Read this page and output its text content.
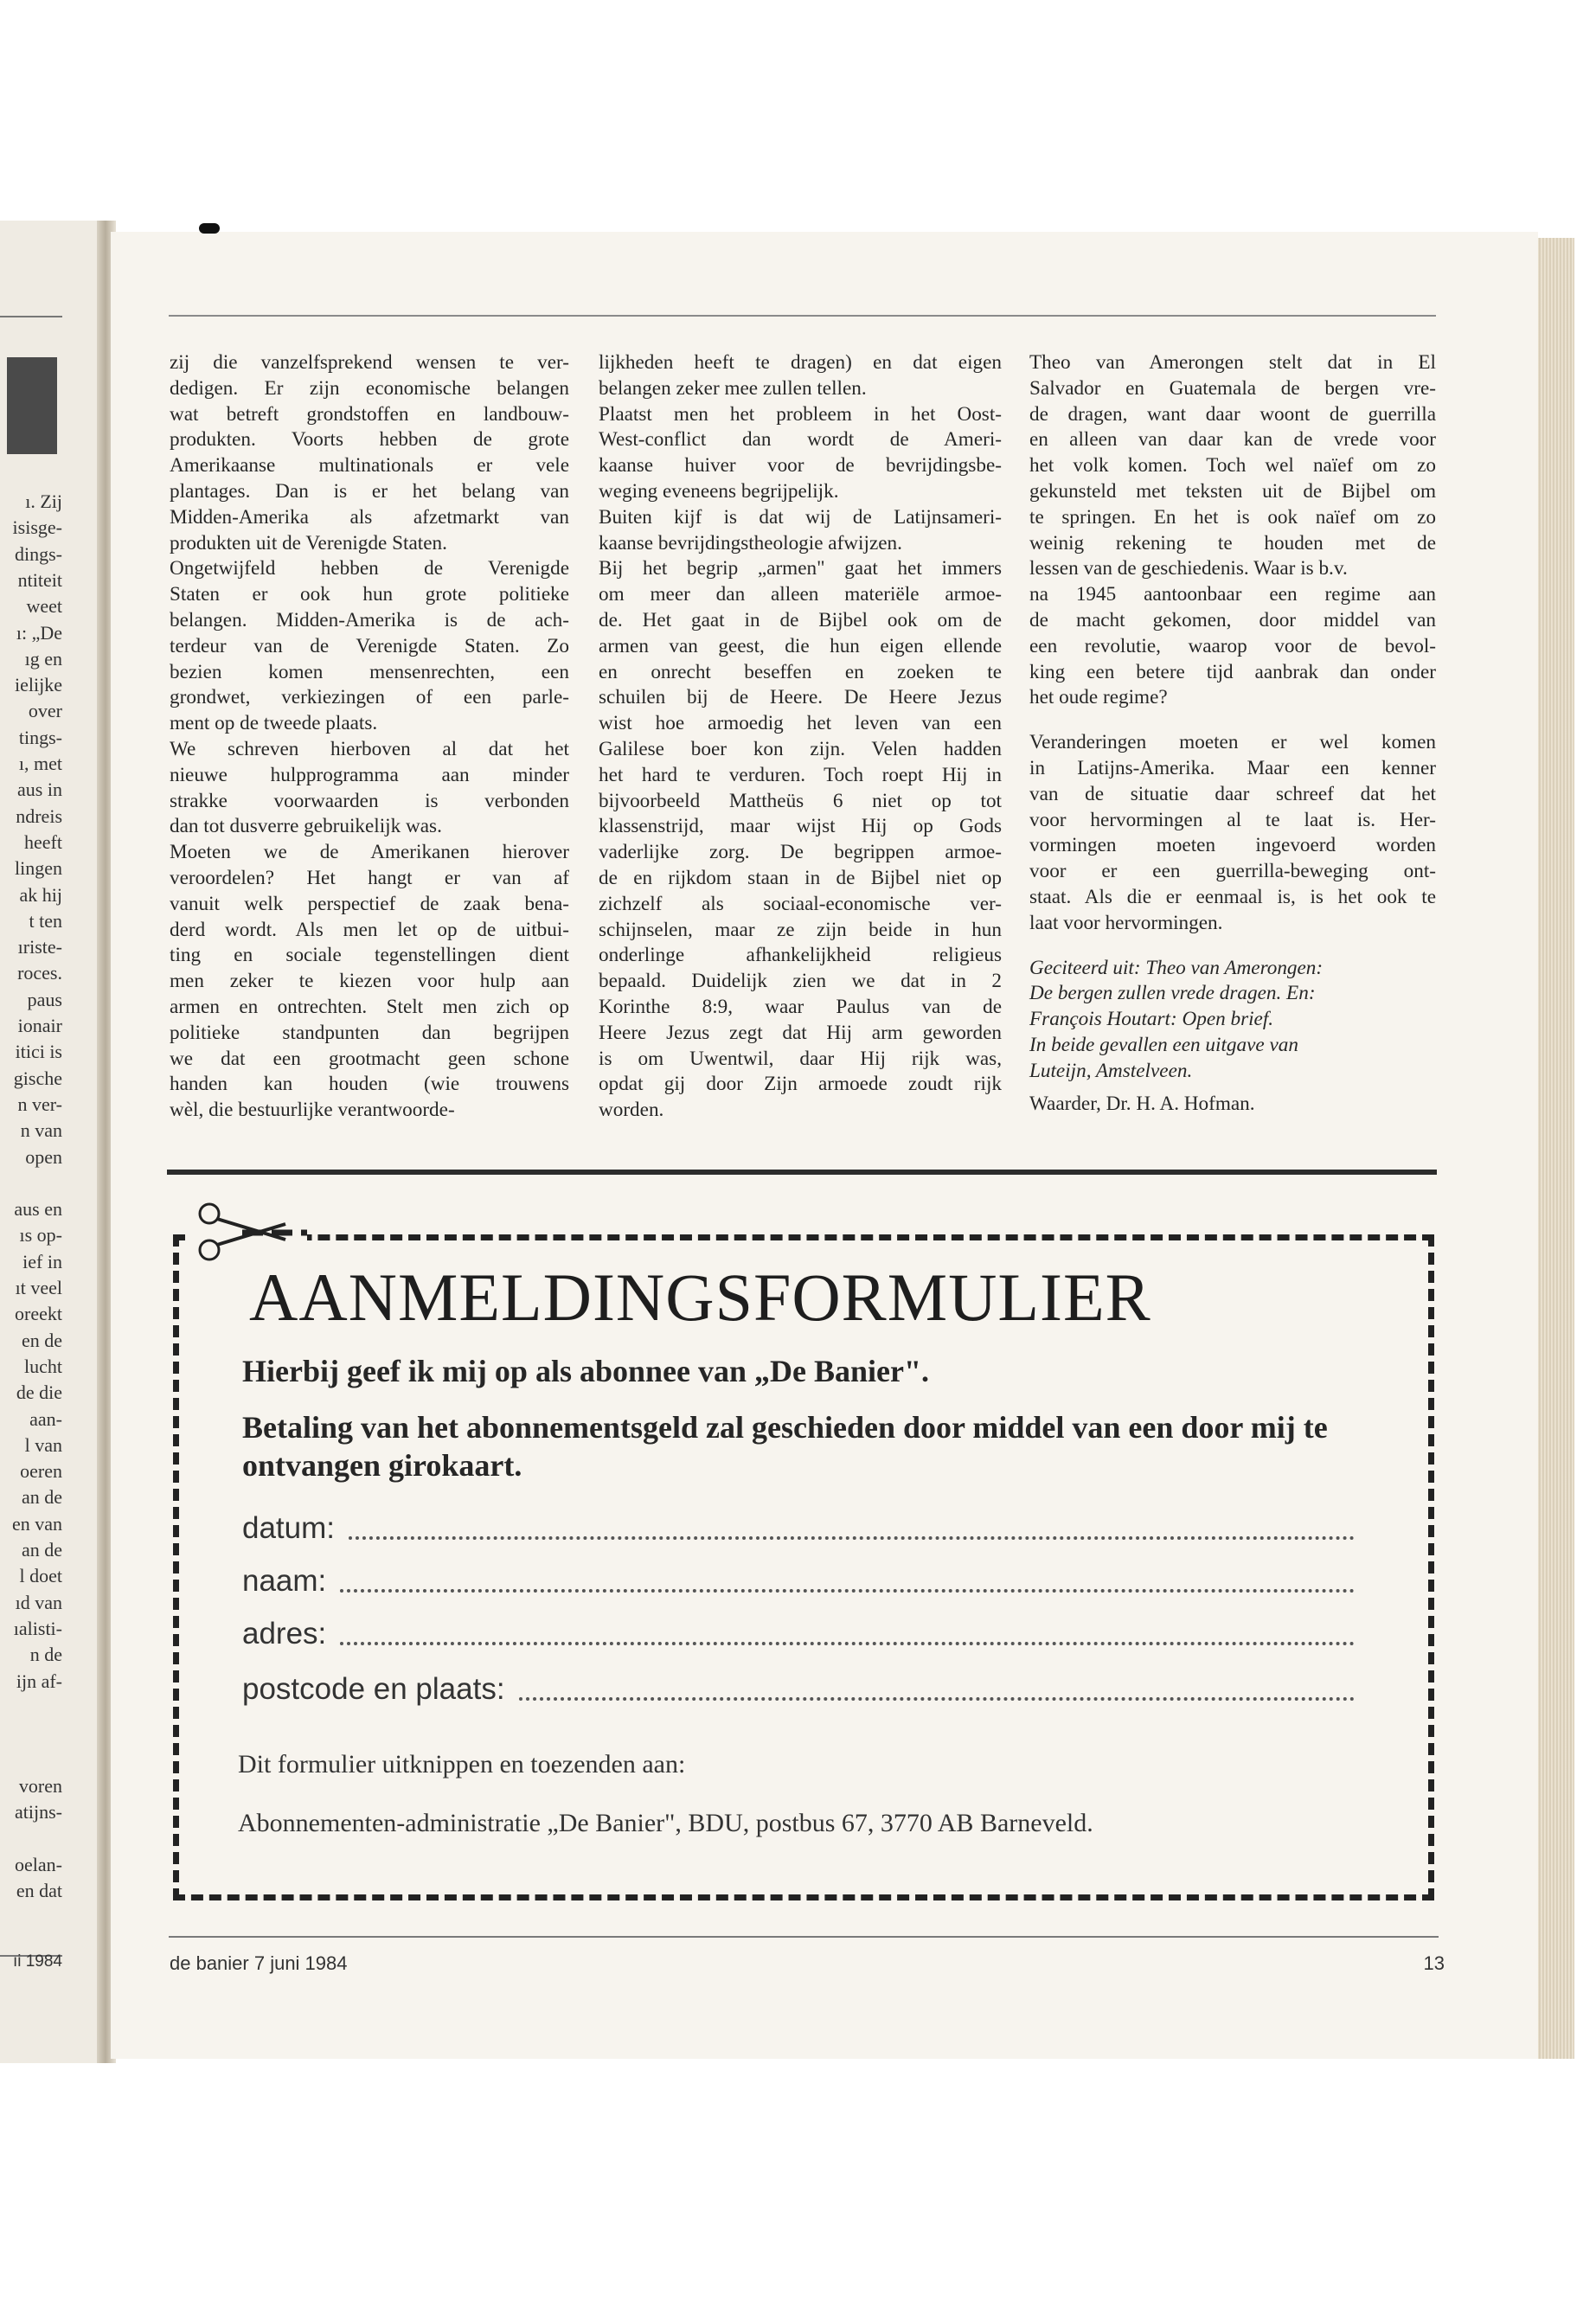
ı. Zij
isisge-
dings-
ntiteit
weet
ı: „De
ıg en
ielijke
over
tings-
ı, met
aus in
ndreis
heeft
lingen
ak hij
t ten
ıriste-
roces.
paus
ionair
itici is
gische
n ver-
n van
open
aus en
ıs op-
ief in
ıt veel
oreekt
en de
lucht
de die
aan-
l van
oeren
an de
en van
an de
l doet
ıd van
ıalisti-
n de
ijn af-
voren
atijns-
oelan-
en dat
ıi 1984

zij die vanzelfsprekend wensen te ver-

dedigen. Er zijn economische belangen

wat betreft grondstoffen en landbouw-

produkten. Voorts hebben de grote

Amerikaanse multinationals er vele

plantages. Dan is er het belang van

Midden-Amerika als afzetmarkt van

produkten uit de Verenigde Staten.

Ongetwijfeld hebben de Verenigde

Staten er ook hun grote politieke

belangen. Midden-Amerika is de ach-

terdeur van de Verenigde Staten. Zo

bezien komen mensenrechten, een

grondwet, verkiezingen of een parle-

ment op de tweede plaats.

We schreven hierboven al dat het

nieuwe hulpprogramma aan minder

strakke voorwaarden is verbonden

dan tot dusverre gebruikelijk was.

Moeten we de Amerikanen hierover

veroordelen? Het hangt er van af

vanuit welk perspectief de zaak bena-

derd wordt. Als men let op de uitbui-

ting en sociale tegenstellingen dient

men zeker te kiezen voor hulp aan

armen en ontrechten. Stelt men zich op

politieke standpunten dan begrijpen

we dat een grootmacht geen schone

handen kan houden (wie trouwens

wèl, die bestuurlijke verantwoorde-

lijkheden heeft te dragen) en dat eigen

belangen zeker mee zullen tellen.

Plaatst men het probleem in het Oost-

West-conflict dan wordt de Ameri-

kaanse huiver voor de bevrijdingsbe-

weging eveneens begrijpelijk.

Buiten kijf is dat wij de Latijnsameri-

kaanse bevrijdingstheologie afwijzen.

Bij het begrip „armen" gaat het immers

om meer dan alleen materiële armoe-

de. Het gaat in de Bijbel ook om de

armen van geest, die hun eigen ellende

en onrecht beseffen en zoeken te

schuilen bij de Heere. De Heere Jezus

wist hoe armoedig het leven van een

Galilese boer kon zijn. Velen hadden

het hard te verduren. Toch roept Hij in

bijvoorbeeld Mattheüs 6 niet op tot

klassenstrijd, maar wijst Hij op Gods

vaderlijke zorg. De begrippen armoe-

de en rijkdom staan in de Bijbel niet op

zichzelf als sociaal-economische ver-

schijnselen, maar ze zijn beide in hun

onderlinge afhankelijkheid religieus

bepaald. Duidelijk zien we dat in 2

Korinthe 8:9, waar Paulus van de

Heere Jezus zegt dat Hij arm geworden

is om Uwentwil, daar Hij rijk was,

opdat gij door Zijn armoede zoudt rijk

worden.

Theo van Amerongen stelt dat in El

Salvador en Guatemala de bergen vre-

de dragen, want daar woont de guerrilla

en alleen van daar kan de vrede voor

het volk komen. Toch wel naïef om zo

gekunsteld met teksten uit de Bijbel om

te springen. En het is ook naïef om zo

weinig rekening te houden met de

lessen van de geschiedenis. Waar is b.v.

na 1945 aantoonbaar een regime aan

de macht gekomen, door middel van

een revolutie, waarop voor de bevol-

king een betere tijd aanbrak dan onder

het oude regime?

Veranderingen moeten er wel komen

in Latijns-Amerika. Maar een kenner

van de situatie daar schreef dat het

voor hervormingen al te laat is. Her-

vormingen moeten ingevoerd worden

voor er een guerrilla-beweging ont-

staat. Als die er eenmaal is, is het ook te

laat voor hervormingen.

Geciteerd uit: Theo van Amerongen:

De bergen zullen vrede dragen. En:

François Houtart: Open brief.

In beide gevallen een uitgave van

Luteijn, Amstelveen.

Waarder, Dr. H. A. Hofman.

AANMELDINGSFORMULIER
Hierbij geef ik mij op als abonnee van „De Banier".
Betaling van het abonnementsgeld zal geschieden door middel van een door mij te ontvangen girokaart.
datum:
naam:
adres:
postcode en plaats:
Dit formulier uitknippen en toezenden aan:
Abonnementen-administratie „De Banier", BDU, postbus 67, 3770 AB Barneveld.
de banier 7 juni 1984	13
